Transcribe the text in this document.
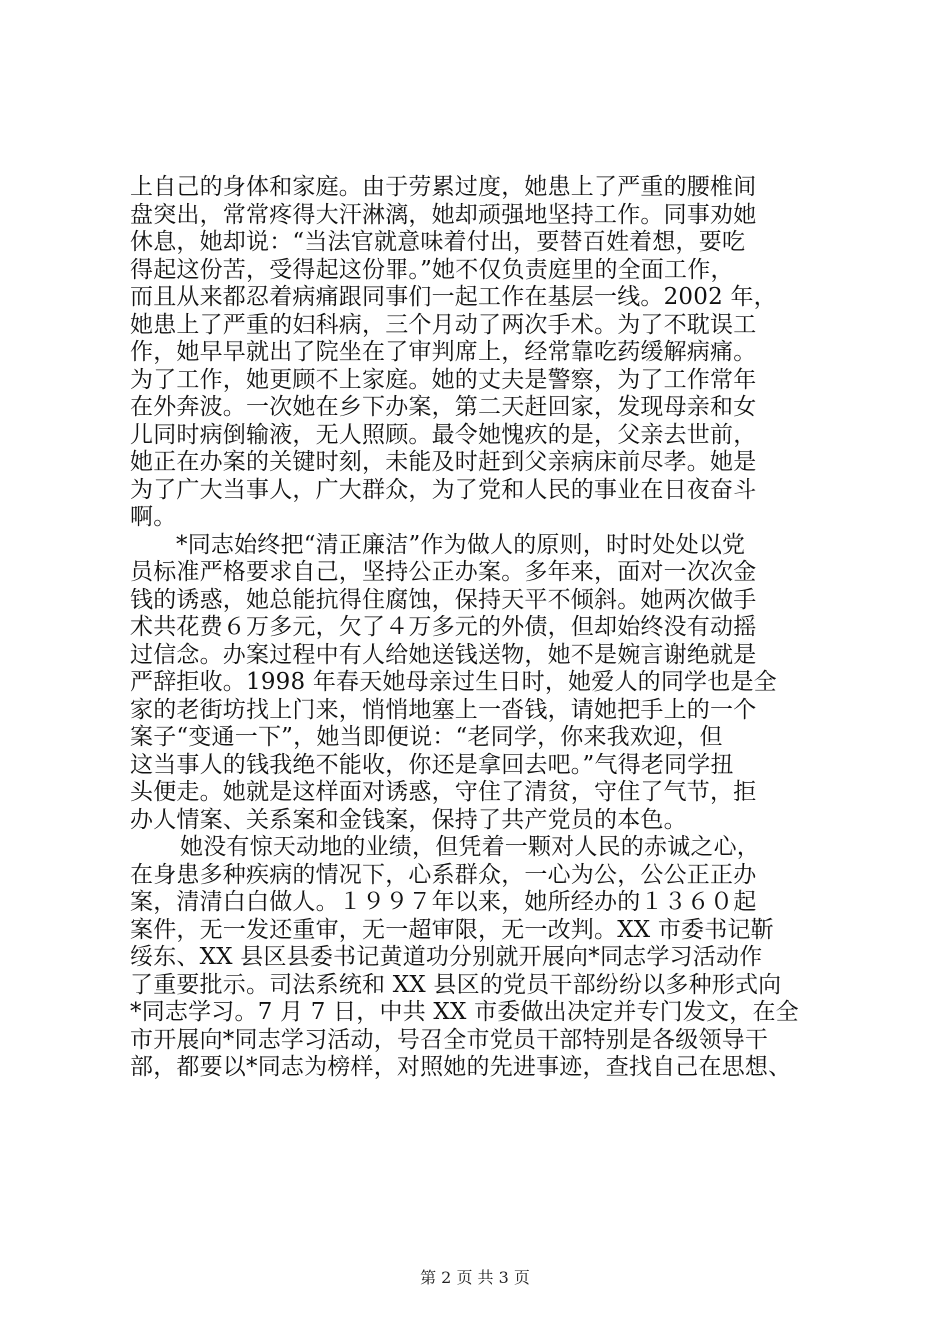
上自己的身体和家庭。由于劳累过度，她患上了严重的腰椎间
盘突出，常常疼得大汗淋漓，她却顽强地坚持工作。同事劝她
休息，她却说：“当法官就意味着付出，要替百姓着想，要吃
得起这份苦，受得起这份罪。”她不仅负责庭里的全面工作，
而且从来都忍着病痛跟同事们一起工作在基层一线。2002 年，
她患上了严重的妇科病，三个月动了两次手术。为了不耽误工
作，她早早就出了院坐在了审判席上，经常靠吃药缓解病痛。
为了工作，她更顾不上家庭。她的丈夫是警察，为了工作常年
在外奔波。一次她在乡下办案，第二天赶回家，发现母亲和女
儿同时病倒输液，无人照顾。最令她愧疚的是，父亲去世前，
她正在办案的关键时刻，未能及时赶到父亲病床前尽孝。她是
为了广大当事人，广大群众，为了党和人民的事业在日夜奋斗
啊。
*同志始终把“清正廉洁”作为做人的原则，时时处处以党
员标准严格要求自己，坚持公正办案。多年来，面对一次次金
钱的诱惑，她总能抗得住腐蚀，保持天平不倾斜。她两次做手
术共花费６万多元，欠了４万多元的外债，但却始终没有动摇
过信念。办案过程中有人给她送钱送物，她不是婉言谢绝就是
严辞拒收。1998 年春天她母亲过生日时，她爱人的同学也是全
家的老街坊找上门来，悄悄地塞上一沓钱，请她把手上的一个
案子“变通一下”，她当即便说：“老同学，你来我欢迎，但
这当事人的钱我绝不能收，你还是拿回去吧。”气得老同学扭
头便走。她就是这样面对诱惑，守住了清贫，守住了气节，拒
办人情案、关系案和金钱案，保持了共产党员的本色。
她没有惊天动地的业绩，但凭着一颗对人民的赤诚之心，
在身患多种疾病的情况下，心系群众，一心为公，公公正正办
案，清清白白做人。１９９７年以来，她所经办的１３６０起
案件，无一发还重审，无一超审限，无一改判。XX 市委书记靳
绥东、XX 县区县委书记黄道功分别就开展向*同志学习活动作
了重要批示。司法系统和 XX 县区的党员干部纷纷以多种形式向
*同志学习。7 月 7 日，中共 XX 市委做出决定并专门发文，在全
市开展向*同志学习活动，号召全市党员干部特别是各级领导干
部，都要以*同志为榜样，对照她的先进事迹，查找自己在思想、
第 2 页 共 3 页
